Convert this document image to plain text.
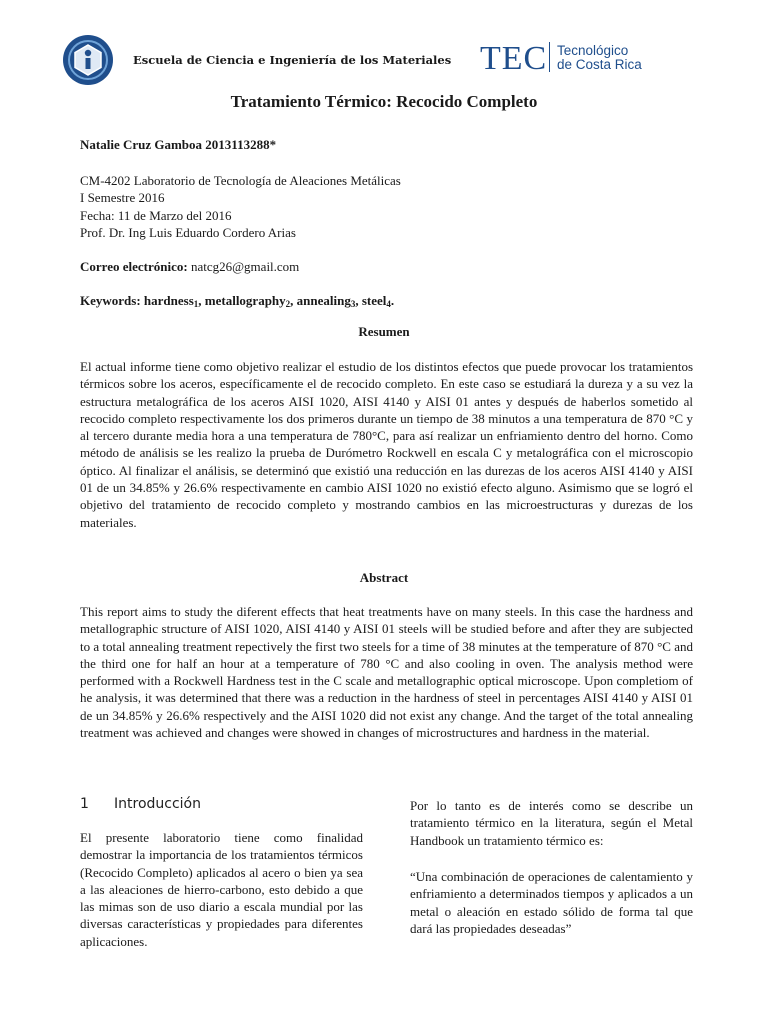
Escuela de Ciencia e Ingeniería de los Materiales TEC Tecnológico
de Costa Rica
Tratamiento Térmico: Recocido Completo
Natalie Cruz Gamboa 2013113288*
CM-4202 Laboratorio de Tecnología de Aleaciones Metálicas
I Semestre 2016
Fecha: 11 de Marzo del 2016
Prof. Dr. Ing Luis Eduardo Cordero Arias
Correo electrónico: natcg26@gmail.com
Keywords: hardness$_1$, metallography$_2$, annealing$_3$, steel$_4$.
Resumen
El actual informe tiene como objetivo realizar el estudio de los distintos efectos que puede provocar los tratamientos térmicos sobre los aceros, específicamente el de recocido completo. En este caso se estudiará la dureza y a su vez la estructura metalográfica de los aceros AISI 1020, AISI 4140 y AISI 01 antes y después de haberlos sometido al recocido completo respectivamente los dos primeros durante un tiempo de 38 minutos a una temperatura de 870 °C y al tercero durante media hora a una temperatura de 780°C, para así realizar un enfriamiento dentro del horno. Como método de análisis se les realizo la prueba de Durómetro Rockwell en escala C y metalográfica con el microscopio óptico. Al finalizar el análisis, se determinó que existió una reducción en las durezas de los aceros AISI 4140 y AISI 01 de un 34.85% y 26.6% respectivamente en cambio AISI 1020 no existió efecto alguno. Asimismo que se logró el objetivo del tratamiento de recocido completo y mostrando cambios en las microestructuras y durezas de los materiales.
Abstract
This report aims to study the diferent effects that heat treatments have on many steels. In this case the hardness and metallographic structure of AISI 1020, AISI 4140 y AISI 01 steels will be studied before and after they are subjected to a total annealing treatment repectively the first two steels for a time of 38 minutes at the temperature of 870 °C and the third one for half an hour at a temperature of 780 °C and also cooling in oven. The analysis method were performed with a Rockwell Hardness test in the C scale and metallographic optical microscope. Upon completiom of he analysis, it was determined that there was a reduction in the hardness of steel in percentages AISI 4140 y AISI 01 de un 34.85% y 26.6% respectively and the AISI 1020 did not exist any change. And the target of the total annealing treatment was achieved and changes were showed in changes of microstructures and hardness in the material.
1 Introducción
El presente laboratorio tiene como finalidad demostrar la importancia de los tratamientos térmicos (Recocido Completo) aplicados al acero o bien ya sea a las aleaciones de hierro-carbono, esto debido a que las mimas son de uso diario a escala mundial por las diversas características y propiedades para diferentes aplicaciones.
Por lo tanto es de interés como se describe un tratamiento térmico en la literatura, según el Metal Handbook un tratamiento térmico es:
“Una combinación de operaciones de calentamiento y enfriamiento a determinados tiempos y aplicados a un metal o aleación en estado sólido de forma tal que dará las propiedades deseadas”
